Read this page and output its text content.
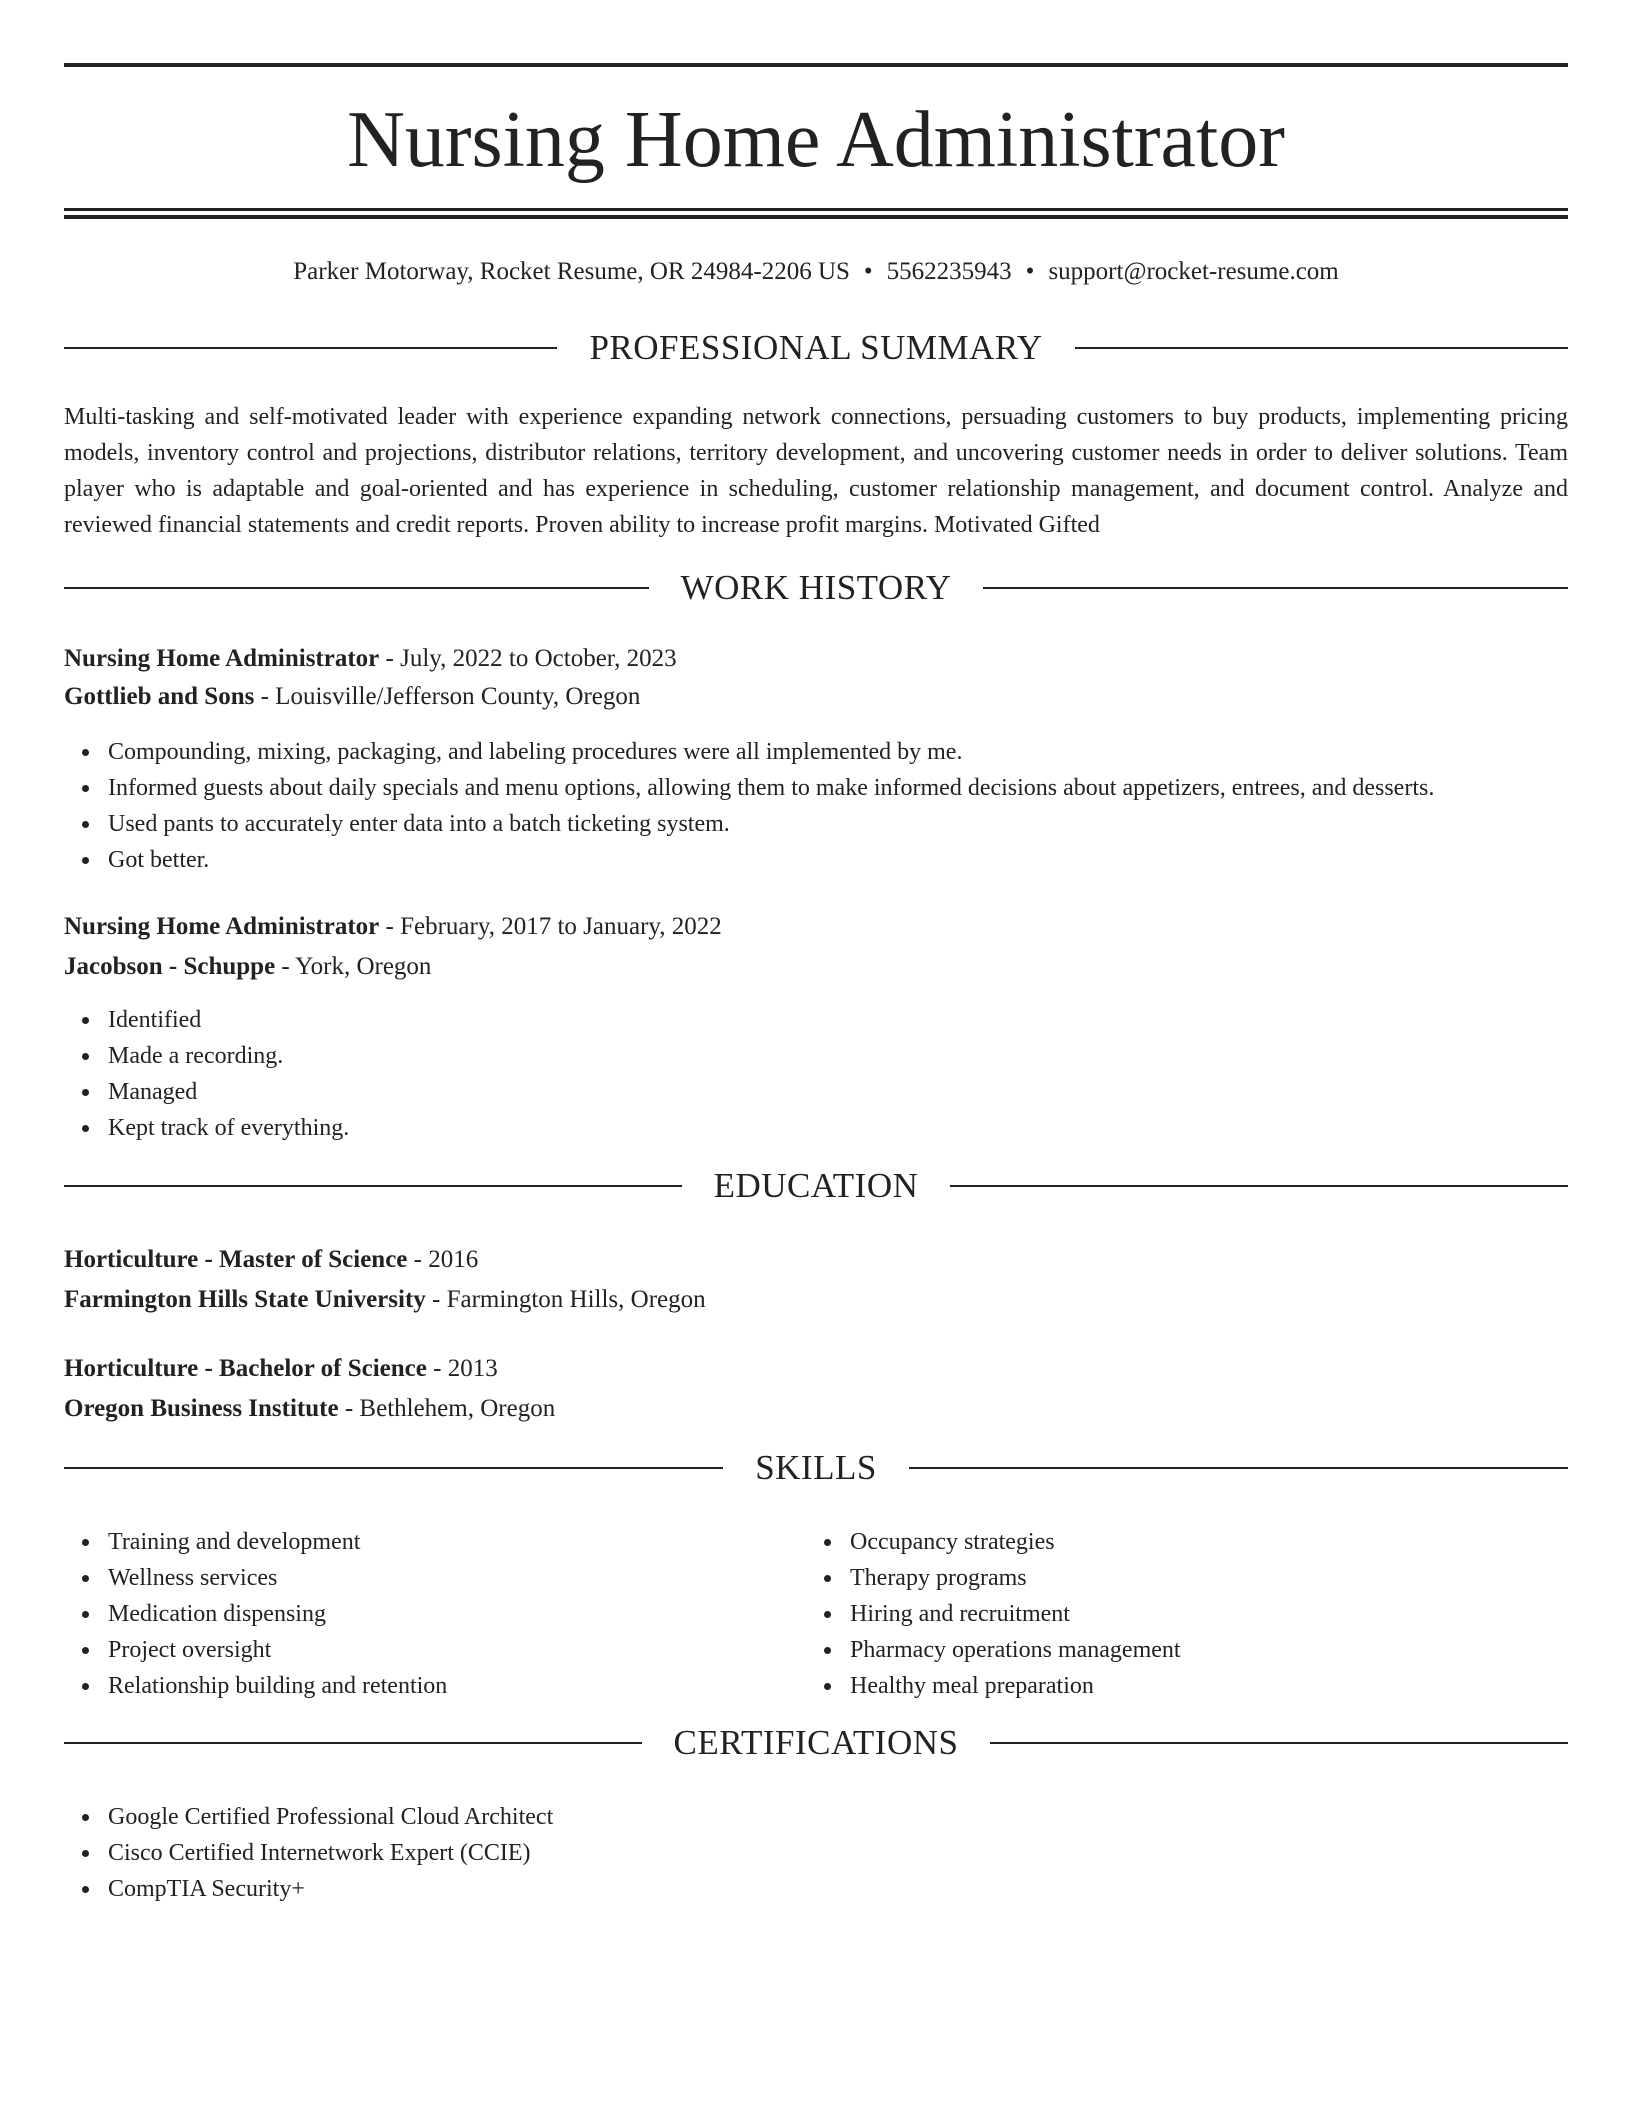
Nursing Home Administrator
Parker Motorway, Rocket Resume, OR 24984-2206 US • 5562235943 • support@rocket-resume.com
PROFESSIONAL SUMMARY
Multi-tasking and self-motivated leader with experience expanding network connections, persuading customers to buy products, implementing pricing models, inventory control and projections, distributor relations, territory development, and uncovering customer needs in order to deliver solutions. Team player who is adaptable and goal-oriented and has experience in scheduling, customer relationship management, and document control. Analyze and reviewed financial statements and credit reports. Proven ability to increase profit margins. Motivated Gifted
WORK HISTORY
Nursing Home Administrator - July, 2022 to October, 2023
Gottlieb and Sons - Louisville/Jefferson County, Oregon
Compounding, mixing, packaging, and labeling procedures were all implemented by me.
Informed guests about daily specials and menu options, allowing them to make informed decisions about appetizers, entrees, and desserts.
Used pants to accurately enter data into a batch ticketing system.
Got better.
Nursing Home Administrator - February, 2017 to January, 2022
Jacobson - Schuppe - York, Oregon
Identified
Made a recording.
Managed
Kept track of everything.
EDUCATION
Horticulture - Master of Science - 2016
Farmington Hills State University - Farmington Hills, Oregon
Horticulture - Bachelor of Science - 2013
Oregon Business Institute - Bethlehem, Oregon
SKILLS
Training and development
Wellness services
Medication dispensing
Project oversight
Relationship building and retention
Occupancy strategies
Therapy programs
Hiring and recruitment
Pharmacy operations management
Healthy meal preparation
CERTIFICATIONS
Google Certified Professional Cloud Architect
Cisco Certified Internetwork Expert (CCIE)
CompTIA Security+
